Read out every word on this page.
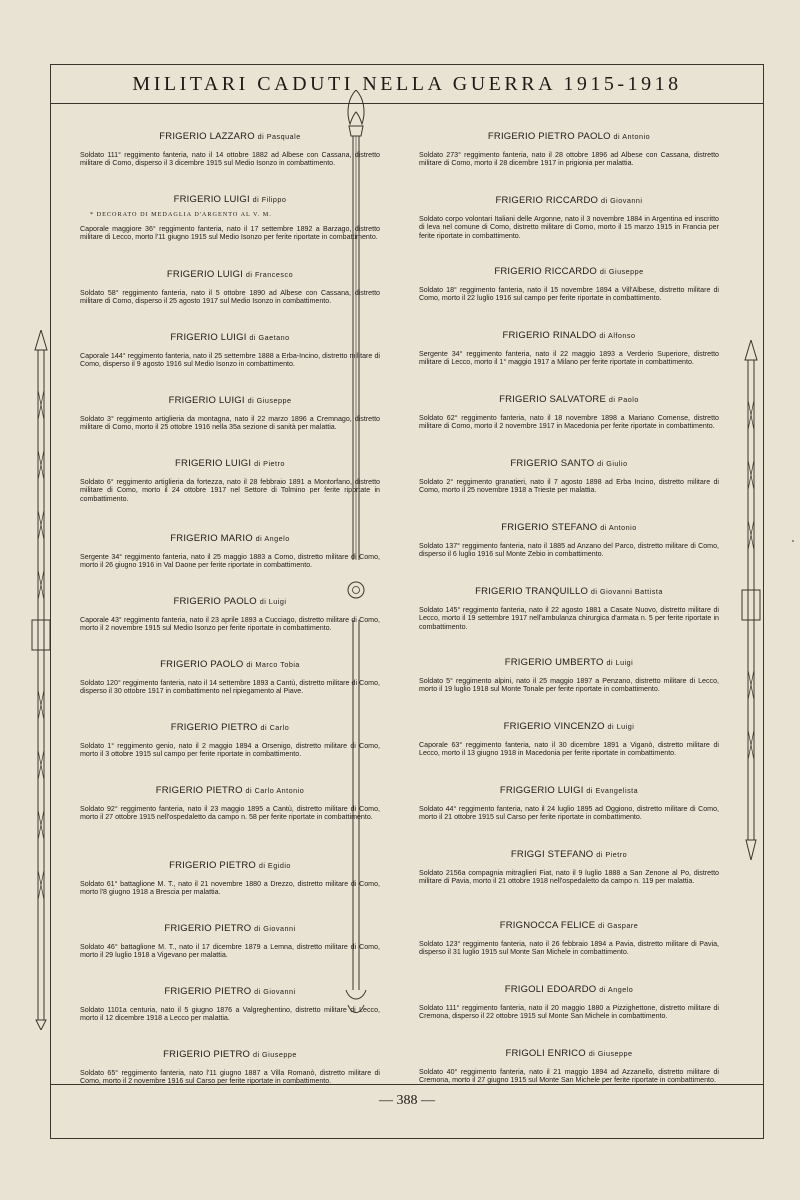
MILITARI CADUTI NELLA GUERRA 1915-1918
FRIGERIO LAZZARO di Pasquale

Soldato 111° reggimento fanteria, nato il 14 ottobre 1882 ad Albese con Cassana, distretto militare di Como, disperso il 3 dicembre 1915 sul Medio Isonzo in combattimento.

FRIGERIO LUIGI di Filippo
* DECORATO DI MEDAGLIA D'ARGENTO AL V. M.

Caporale maggiore 36° reggimento fanteria, nato il 17 settembre 1892 a Barzago, distretto militare di Lecco, morto l'11 giugno 1915 sul Medio Isonzo per ferite riportate in combattimento.

FRIGERIO LUIGI di Francesco

Soldato 58° reggimento fanteria, nato il 5 ottobre 1890 ad Albese con Cassana, distretto militare di Como, disperso il 25 agosto 1917 sul Medio Isonzo in combattimento.

FRIGERIO LUIGI di Gaetano

Caporale 144° reggimento fanteria, nato il 25 settembre 1888 a Erba-Incino, distretto militare di Como, disperso il 9 agosto 1916 sul Medio Isonzo in combattimento.

FRIGERIO LUIGI di Giuseppe

Soldato 3° reggimento artiglieria da montagna, nato il 22 marzo 1896 a Cremnago, distretto militare di Como, morto il 25 ottobre 1916 nella 35a sezione di sanità per malattia.

FRIGERIO LUIGI di Pietro

Soldato 6° reggimento artiglieria da fortezza, nato il 28 febbraio 1891 a Montorfano, distretto militare di Como, morto il 24 ottobre 1917 nel Settore di Tolmino per ferite riportate in combattimento.

FRIGERIO MARIO di Angelo

Sergente 34° reggimento fanteria, nato il 25 maggio 1883 a Como, distretto militare di Como, morto il 26 giugno 1916 in Val Daone per ferite riportate in combattimento.

FRIGERIO PAOLO di Luigi

Caporale 43° reggimento fanteria, nato il 23 aprile 1893 a Cucciago, distretto militare di Como, morto il 2 novembre 1915 sul Medio Isonzo per ferite riportate in combattimento.

FRIGERIO PAOLO di Marco Tobia

Soldato 120° reggimento fanteria, nato il 14 settembre 1893 a Cantù, distretto militare di Como, disperso il 30 ottobre 1917 in combattimento nel ripiegamento al Piave.

FRIGERIO PIETRO di Carlo

Soldato 1° reggimento genio, nato il 2 maggio 1894 a Orsenigo, distretto militare di Como, morto il 3 ottobre 1915 sul campo per ferite riportate in combattimento.

FRIGERIO PIETRO di Carlo Antonio

Soldato 92° reggimento fanteria, nato il 23 maggio 1895 a Cantù, distretto militare di Como, morto il 27 ottobre 1915 nell'ospedaletto da campo n. 58 per ferite riportate in combattimento.

FRIGERIO PIETRO di Egidio

Soldato 61° battaglione M. T., nato il 21 novembre 1880 a Drezzo, distretto militare di Como, morto l'8 giugno 1918 a Brescia per malattia.

FRIGERIO PIETRO di Giovanni

Soldato 46° battaglione M. T., nato il 17 dicembre 1879 a Lemna, distretto militare di Como, morto il 29 luglio 1918 a Vigevano per malattia.

FRIGERIO PIETRO di Giovanni

Soldato 1101a centuria, nato il 5 giugno 1876 a Valgreghentino, distretto militare di Lecco, morto il 12 dicembre 1918 a Lecco per malattia.

FRIGERIO PIETRO di Giuseppe

Soldato 65° reggimento fanteria, nato l'11 giugno 1887 a Villa Romanò, distretto militare di Como, morto il 2 novembre 1916 sul Carso per ferite riportate in combattimento.

FRIGERIO PIETRO PAOLO di Antonio

Soldato 273° reggimento fanteria, nato il 28 ottobre 1896 ad Albese con Cassana, distretto militare di Como, morto il 28 dicembre 1917 in prigionia per malattia.

FRIGERIO RICCARDO di Giovanni

Soldato corpo volontari Italiani delle Argonne, nato il 3 novembre 1884 in Argentina ed inscritto di leva nel comune di Como, distretto militare di Como, morto il 15 marzo 1915 in Francia per ferite riportate in combattimento.

FRIGERIO RICCARDO di Giuseppe

Soldato 18° reggimento fanteria, nato il 15 novembre 1894 a Vill'Albese, distretto militare di Como, morto il 22 luglio 1916 sul campo per ferite riportate in combattimento.

FRIGERIO RINALDO di Alfonso

Sergente 34° reggimento fanteria, nato il 22 maggio 1893 a Verderio Superiore, distretto militare di Lecco, morto il 1° maggio 1917 a Milano per ferite riportate in combattimento.

FRIGERIO SALVATORE di Paolo

Soldato 62° reggimento fanteria, nato il 18 novembre 1898 a Mariano Comense, distretto militare di Como, morto il 2 novembre 1917 in Macedonia per ferite riportate in combattimento.

FRIGERIO SANTO di Giulio

Soldato 2° reggimento granatieri, nato il 7 agosto 1898 ad Erba Incino, distretto militare di Como, morto il 25 novembre 1918 a Trieste per malattia.

FRIGERIO STEFANO di Antonio

Soldato 137° reggimento fanteria, nato il 1885 ad Anzano del Parco, distretto militare di Como, disperso il 6 luglio 1916 sul Monte Zebio in combattimento.

FRIGERIO TRANQUILLO di Giovanni Battista

Soldato 145° reggimento fanteria, nato il 22 agosto 1881 a Casate Nuovo, distretto militare di Lecco, morto il 19 settembre 1917 nell'ambulanza chirurgica d'armata n. 5 per ferite riportate in combattimento.

FRIGERIO UMBERTO di Luigi

Soldato 5° reggimento alpini, nato il 25 maggio 1897 a Penzano, distretto militare di Lecco, morto il 19 luglio 1918 sul Monte Tonale per ferite riportate in combattimento.

FRIGERIO VINCENZO di Luigi

Caporale 63° reggimento fanteria, nato il 30 dicembre 1891 a Viganò, distretto militare di Lecco, morto il 13 giugno 1918 in Macedonia per ferite riportate in combattimento.

FRIGGERIO LUIGI di Evangelista

Soldato 44° reggimento fanteria, nato il 24 luglio 1895 ad Oggiono, distretto militare di Como, morto il 21 ottobre 1915 sul Carso per ferite riportate in combattimento.

FRIGGI STEFANO di Pietro

Soldato 2156a compagnia mitraglieri Fiat, nato il 9 luglio 1888 a San Zenone al Po, distretto militare di Pavia, morto il 21 ottobre 1918 nell'ospedaletto da campo n. 119 per malattia.

FRIGNOCCA FELICE di Gaspare

Soldato 123° reggimento fanteria, nato il 26 febbraio 1894 a Pavia, distretto militare di Pavia, disperso il 31 luglio 1915 sul Monte San Michele in combattimento.

FRIGOLI EDOARDO di Angelo

Soldato 111° reggimento fanteria, nato il 20 maggio 1880 a Pizzighettone, distretto militare di Cremona, disperso il 22 ottobre 1915 sul Monte San Michele in combattimento.

FRIGOLI ENRICO di Giuseppe

Soldato 40° reggimento fanteria, nato il 21 maggio 1894 ad Azzanello, distretto militare di Cremona, morto il 27 giugno 1915 sul Monte San Michele per ferite riportate in combattimento.

— 388 —
